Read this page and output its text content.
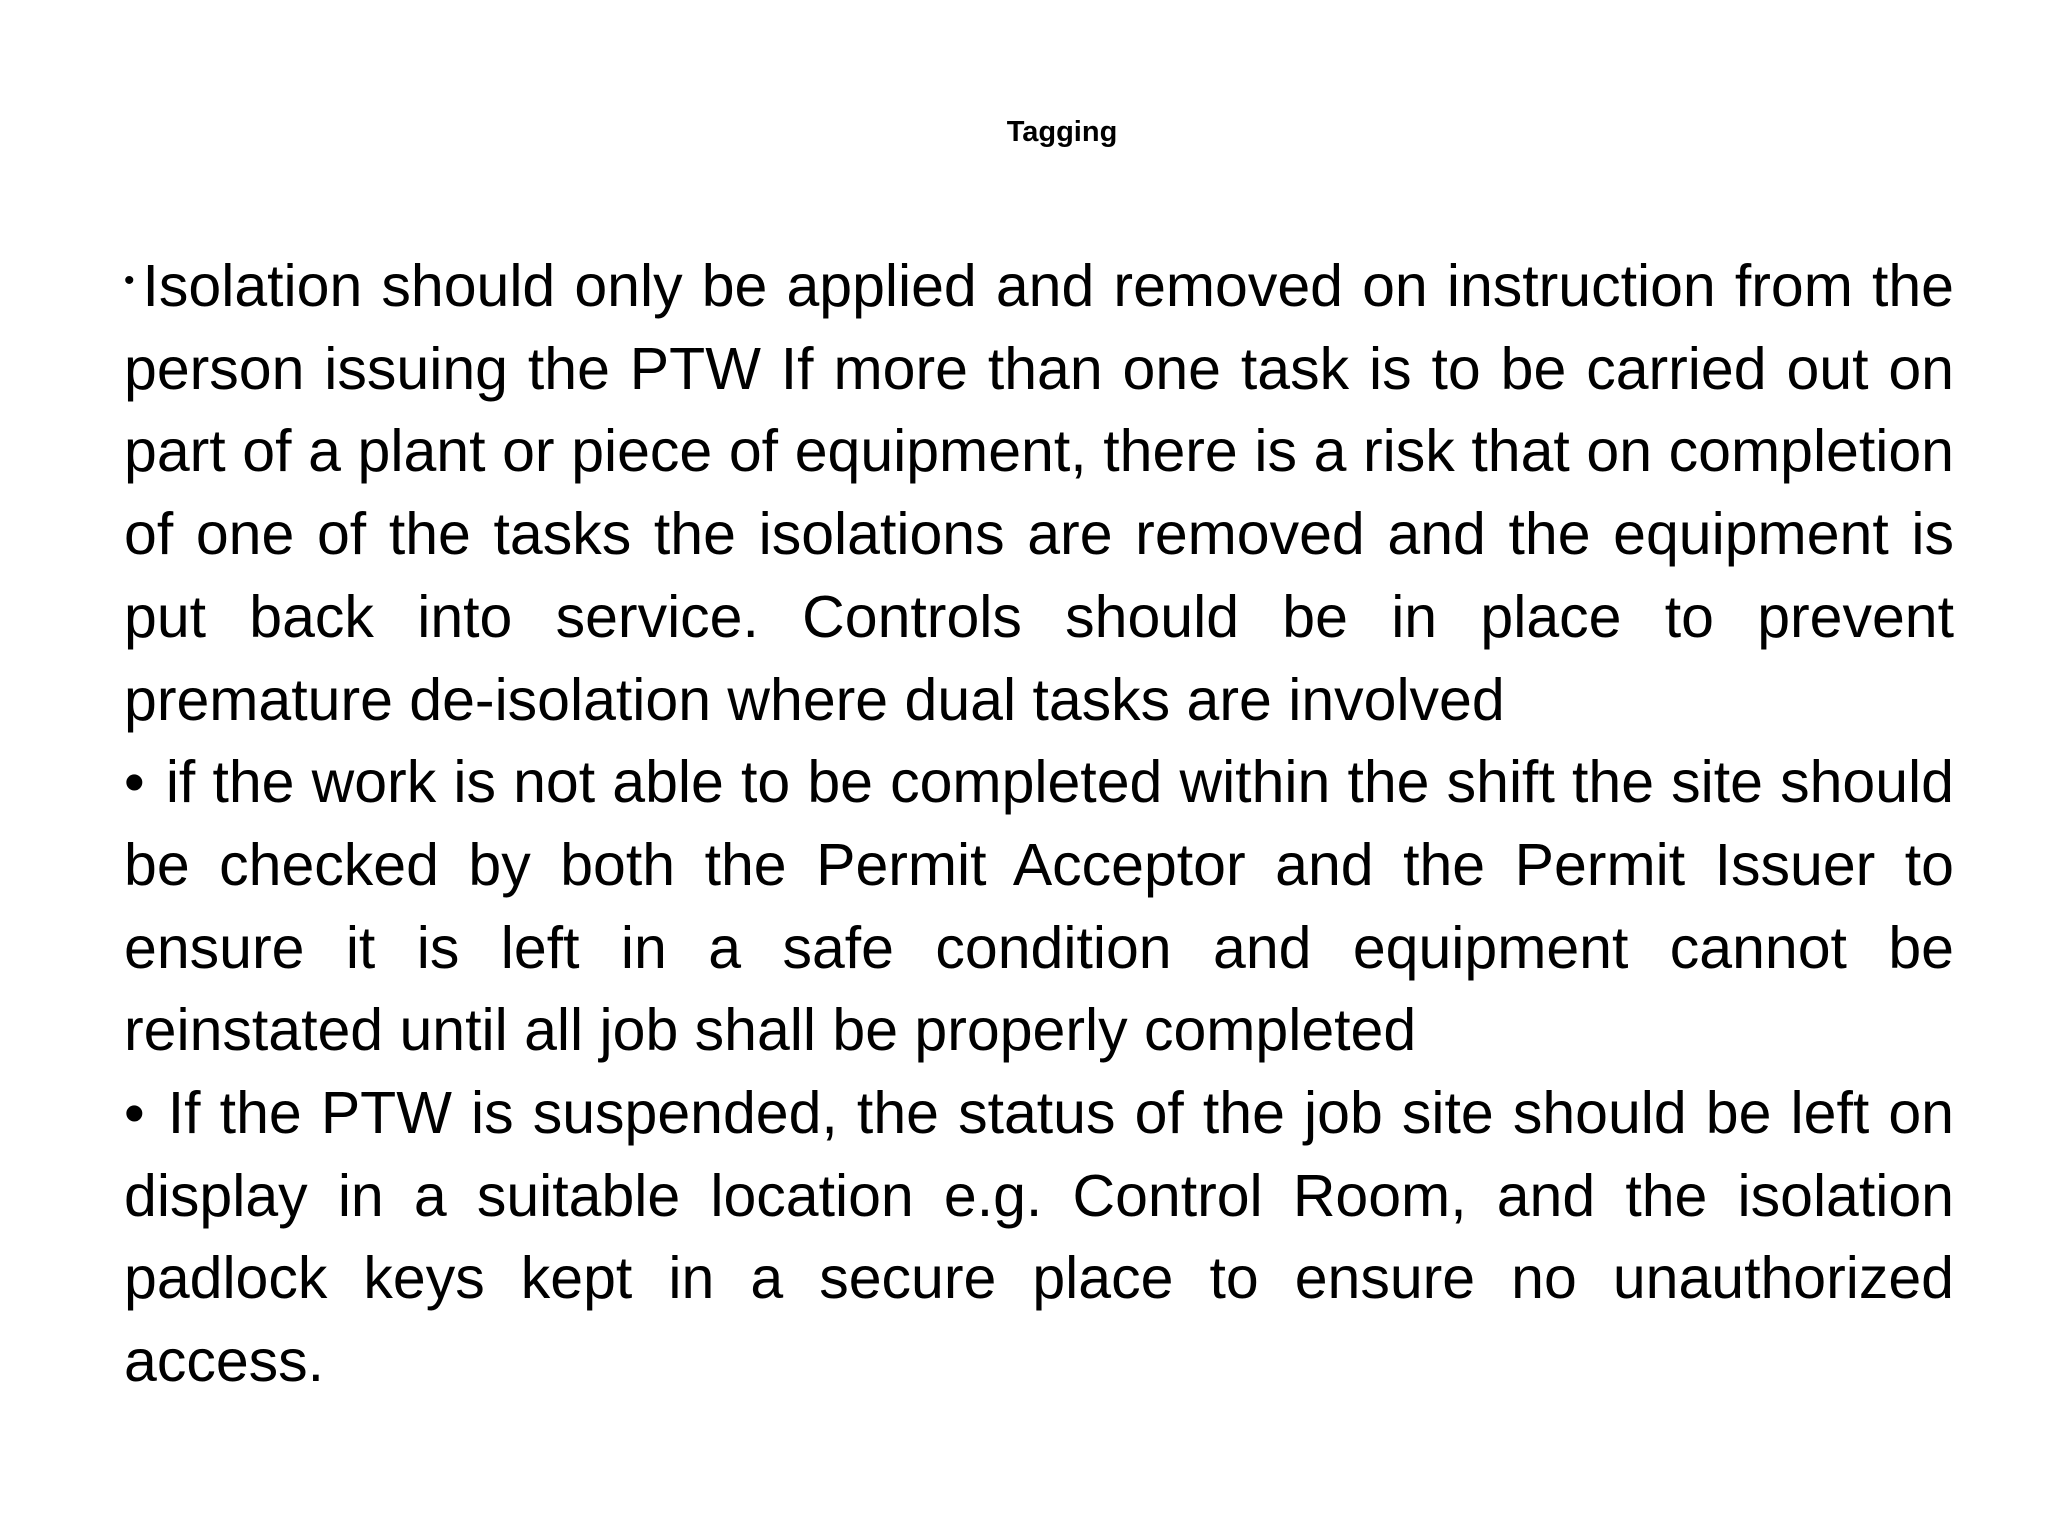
Tagging

• Isolation should only be applied and removed on instruction from the person issuing the PTW If more than one task is to be carried out on part of a plant or piece of equipment, there is a risk that on completion of one of the tasks the isolations are removed and the equipment is put back into service. Controls should be in place to prevent premature de-isolation where dual tasks are involved

• if the work is not able to be completed within the shift the site should be checked by both the Permit Acceptor and the Permit Issuer to ensure it is left in a safe condition and equipment cannot be reinstated until all job shall be properly completed

• If the PTW is suspended, the status of the job site should be left on display in a suitable location e.g. Control Room, and the isolation padlock keys kept in a secure place to ensure no unauthorized access.
